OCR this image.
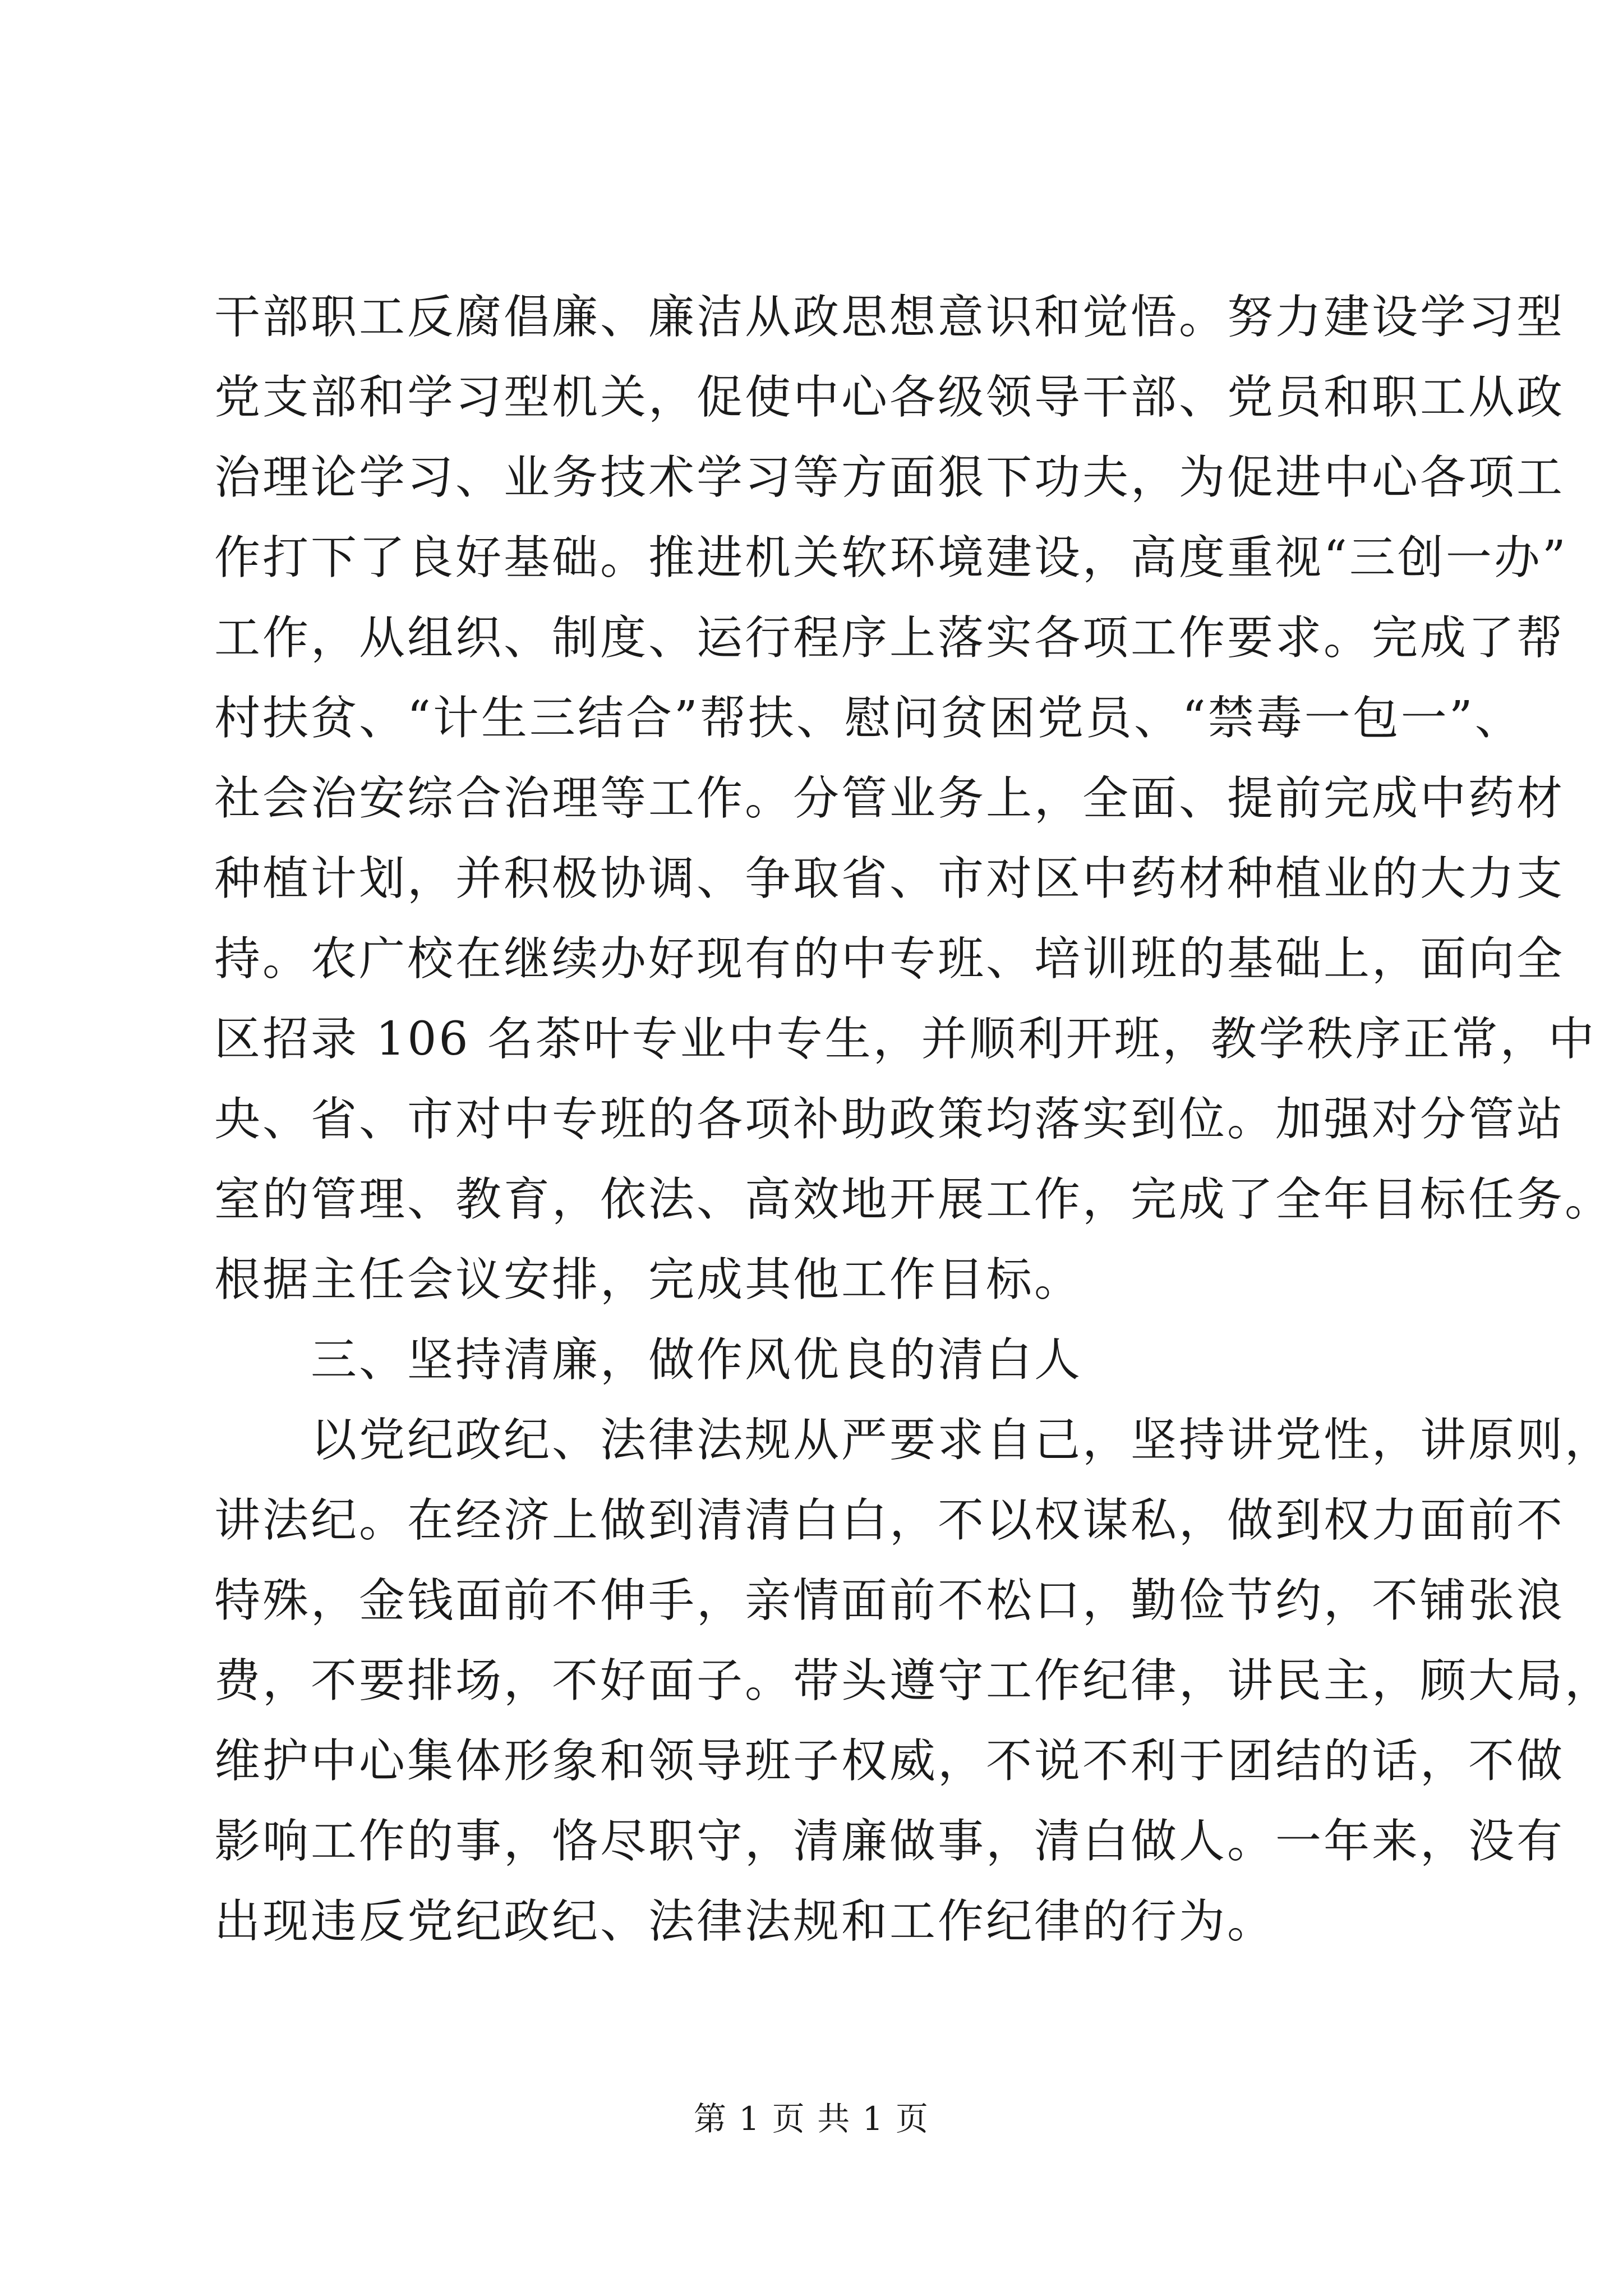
干部职工反腐倡廉、廉洁从政思想意识和觉悟。努力建设学习型
党支部和学习型机关，促使中心各级领导干部、党员和职工从政
治理论学习、业务技术学习等方面狠下功夫，为促进中心各项工
作打下了良好基础。推进机关软环境建设，高度重视“三创一办”
工作，从组织、制度、运行程序上落实各项工作要求。完成了帮
村扶贫、“计生三结合”帮扶、慰问贫困党员、“禁毒一包一”、
社会治安综合治理等工作。分管业务上，全面、提前完成中药材
种植计划，并积极协调、争取省、市对区中药材种植业的大力支
持。农广校在继续办好现有的中专班、培训班的基础上，面向全
区招录 106 名茶叶专业中专生，并顺利开班，教学秩序正常，中
央、省、市对中专班的各项补助政策均落实到位。加强对分管站
室的管理、教育，依法、高效地开展工作，完成了全年目标任务。
根据主任会议安排，完成其他工作目标。
三、坚持清廉，做作风优良的清白人
以党纪政纪、法律法规从严要求自己，坚持讲党性，讲原则，
讲法纪。在经济上做到清清白白，不以权谋私，做到权力面前不
特殊，金钱面前不伸手，亲情面前不松口，勤俭节约，不铺张浪
费，不要排场，不好面子。带头遵守工作纪律，讲民主，顾大局，
维护中心集体形象和领导班子权威，不说不利于团结的话，不做
影响工作的事，恪尽职守，清廉做事，清白做人。一年来，没有
出现违反党纪政纪、法律法规和工作纪律的行为。
第 1 页 共 1 页
